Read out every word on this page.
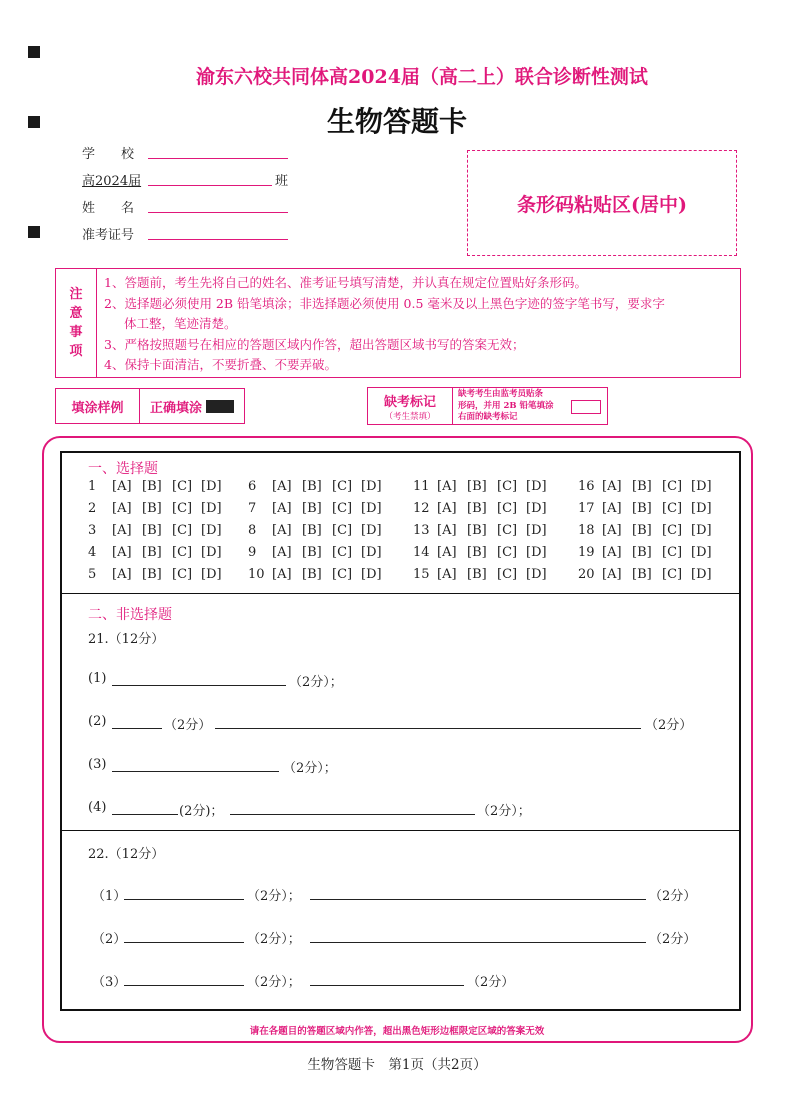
渝东六校共同体高2024届（高二上）联合诊断性测试
生物答题卡
学　　校
高2024届	班
姓　　名
准考证号
条形码粘贴区(居中)
注
意
事
项
1、答题前，考生先将自己的姓名、准考证号填写清楚，并认真在规定位置贴好条形码。
2、选择题必须使用 2B 铅笔填涂；非选择题必须使用 0.5 毫米及以上黑色字迹的签字笔书写，要求字
体工整，笔迹清楚。
3、严格按照题号在相应的答题区域内作答，超出答题区域书写的答案无效；
4、保持卡面清洁，不要折叠、不要弄破。
填涂样例	正确填涂	缺考标记
（考生禁填）
缺考考生由监考员贴条
形码，并用 2B 铅笔填涂
右面的缺考标记
一、选择题
1 [A] [B] [C] [D] 6 [A] [B] [C] [D] 11 [A] [B] [C] [D] 16 [A] [B] [C] [D]
2 [A] [B] [C] [D] 7 [A] [B] [C] [D] 12 [A] [B] [C] [D] 17 [A] [B] [C] [D]
3 [A] [B] [C] [D] 8 [A] [B] [C] [D] 13 [A] [B] [C] [D] 18 [A] [B] [C] [D]
4 [A] [B] [C] [D] 9 [A] [B] [C] [D] 14 [A] [B] [C] [D] 19 [A] [B] [C] [D]
5 [A] [B] [C] [D] 10 [A] [B] [C] [D] 15 [A] [B] [C] [D] 20 [A] [B] [C] [D]
二、非选择题
21.（12分）
(1)	（2分）；
(2)	（2分）	（2分）
(3)	（2分）；
(4)	(2分)；	（2分）；
22.（12分）
（1）	（2分）；	（2分）
（2）	（2分）；	（2分）
（3）	（2分）；	（2分）
请在各题目的答题区域内作答，超出黑色矩形边框限定区域的答案无效
生物答题卡　第1页（共2页）
